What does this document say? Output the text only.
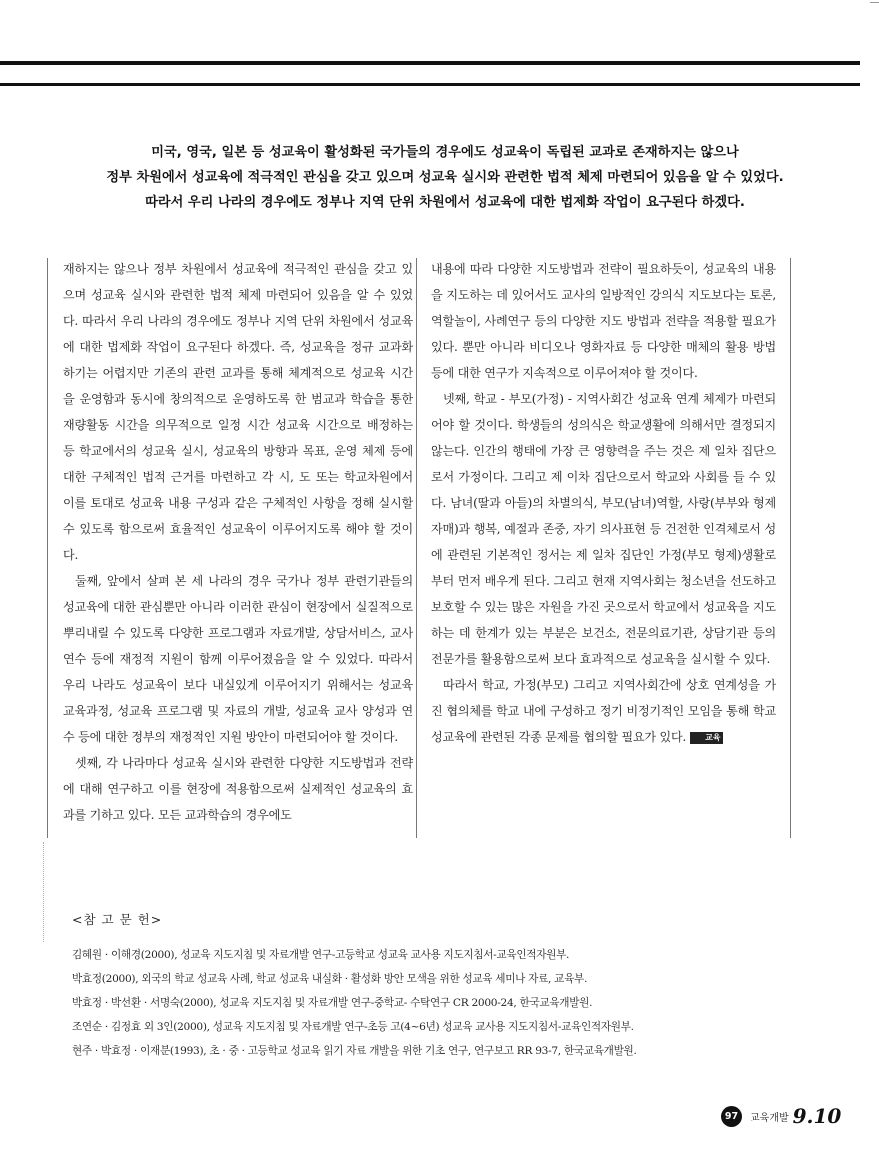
미국, 영국, 일본 등 성교육이 활성화된 국가들의 경우에도 성교육이 독립된 교과로 존재하지는 않으나

정부 차원에서 성교육에 적극적인 관심을 갖고 있으며 성교육 실시와 관련한 법적 체제 마련되어 있음을 알 수 있었다.

따라서 우리 나라의 경우에도 정부나 지역 단위 차원에서 성교육에 대한 법제화 작업이 요구된다 하겠다.

재하지는 않으나 정부 차원에서 성교육에 적극적인 관심을 갖고 있으며 성교육 실시와 관련한 법적 체제 마련되어 있음을 알 수 있었다. 따라서 우리 나라의 경우에도 정부나 지역 단위 차원에서 성교육에 대한 법제화 작업이 요구된다 하겠다. 즉, 성교육을 정규 교과화하기는 어렵지만 기존의 관련 교과를 통해 체계적으로 성교육 시간을 운영함과 동시에 창의적으로 운영하도록 한 범교과 학습을 통한 재량활동 시간을 의무적으로 일정 시간 성교육 시간으로 배정하는 등 학교에서의 성교육 실시, 성교육의 방향과 목표, 운영 체제 등에 대한 구체적인 법적 근거를 마련하고 각 시, 도 또는 학교차원에서 이를 토대로 성교육 내용 구성과 같은 구체적인 사항을 정해 실시할 수 있도록 함으로써 효율적인 성교육이 이루어지도록 해야 할 것이다.

둘째, 앞에서 살펴 본 세 나라의 경우 국가나 정부 관련기관들의 성교육에 대한 관심뿐만 아니라 이러한 관심이 현장에서 실질적으로 뿌리내릴 수 있도록 다양한 프로그램과 자료개발, 상담서비스, 교사 연수 등에 재정적 지원이 함께 이루어졌음을 알 수 있었다. 따라서 우리 나라도 성교육이 보다 내실있게 이루어지기 위해서는 성교육 교육과정, 성교육 프로그램 및 자료의 개발, 성교육 교사 양성과 연수 등에 대한 정부의 재정적인 지원 방안이 마련되어야 할 것이다.

셋째, 각 나라마다 성교육 실시와 관련한 다양한 지도방법과 전략에 대해 연구하고 이를 현장에 적용함으로써 실제적인 성교육의 효과를 기하고 있다. 모든 교과학습의 경우에도

내용에 따라 다양한 지도방법과 전략이 필요하듯이, 성교육의 내용을 지도하는 데 있어서도 교사의 일방적인 강의식 지도보다는 토론, 역할놀이, 사례연구 등의 다양한 지도 방법과 전략을 적용할 필요가 있다. 뿐만 아니라 비디오나 영화자료 등 다양한 매체의 활용 방법 등에 대한 연구가 지속적으로 이루어져야 할 것이다.

넷째, 학교 - 부모(가정) - 지역사회간 성교육 연계 체제가 마련되어야 할 것이다. 학생들의 성의식은 학교생활에 의해서만 결정되지 않는다. 인간의 행태에 가장 큰 영향력을 주는 것은 제 일차 집단으로서 가정이다. 그리고 제 이차 집단으로서 학교와 사회를 들 수 있다. 남녀(딸과 아들)의 차별의식, 부모(남녀)역할, 사랑(부부와 형제자매)과 행복, 예절과 존중, 자기 의사표현 등 건전한 인격체로서 성에 관련된 기본적인 정서는 제 일차 집단인 가정(부모 형제)생활로부터 먼저 배우게 된다. 그리고 현재 지역사회는 청소년을 선도하고 보호할 수 있는 많은 자원을 가진 곳으로서 학교에서 성교육을 지도하는 데 한계가 있는 부분은 보건소, 전문의료기관, 상담기관 등의 전문가를 활용함으로써 보다 효과적으로 성교육을 실시할 수 있다.

따라서 학교, 가정(부모) 그리고 지역사회간에 상호 연계성을 가진 협의체를 학교 내에 구성하고 정기 비정기적인 모임을 통해 학교 성교육에 관련된 각종 문제를 협의할 필요가 있다. 교육

<참 고 문 헌>
김혜원 · 이해경(2000), 성교육 지도지침 및 자료개발 연구-고등학교 성교육 교사용 지도지침서-교육인적자원부.
박효정(2000), 외국의 학교 성교육 사례, 학교 성교육 내실화 · 활성화 방안 모색을 위한 성교육 세미나 자료, 교육부.
박효정 · 박선환 · 서명숙(2000), 성교육 지도지침 및 자료개발 연구-중학교- 수탁연구 CR 2000-24, 한국교육개발원.
조연순 · 김정효 외 3인(2000), 성교육 지도지침 및 자료개발 연구-초등 고(4~6년) 성교육 교사용 지도지침서-교육인적자원부.
현주 · 박효정 · 이재분(1993), 초 · 중 · 고등학교 성교육 읽기 자료 개발을 위한 기초 연구, 연구보고 RR 93-7, 한국교육개발원.
97	교육개발 9.10
